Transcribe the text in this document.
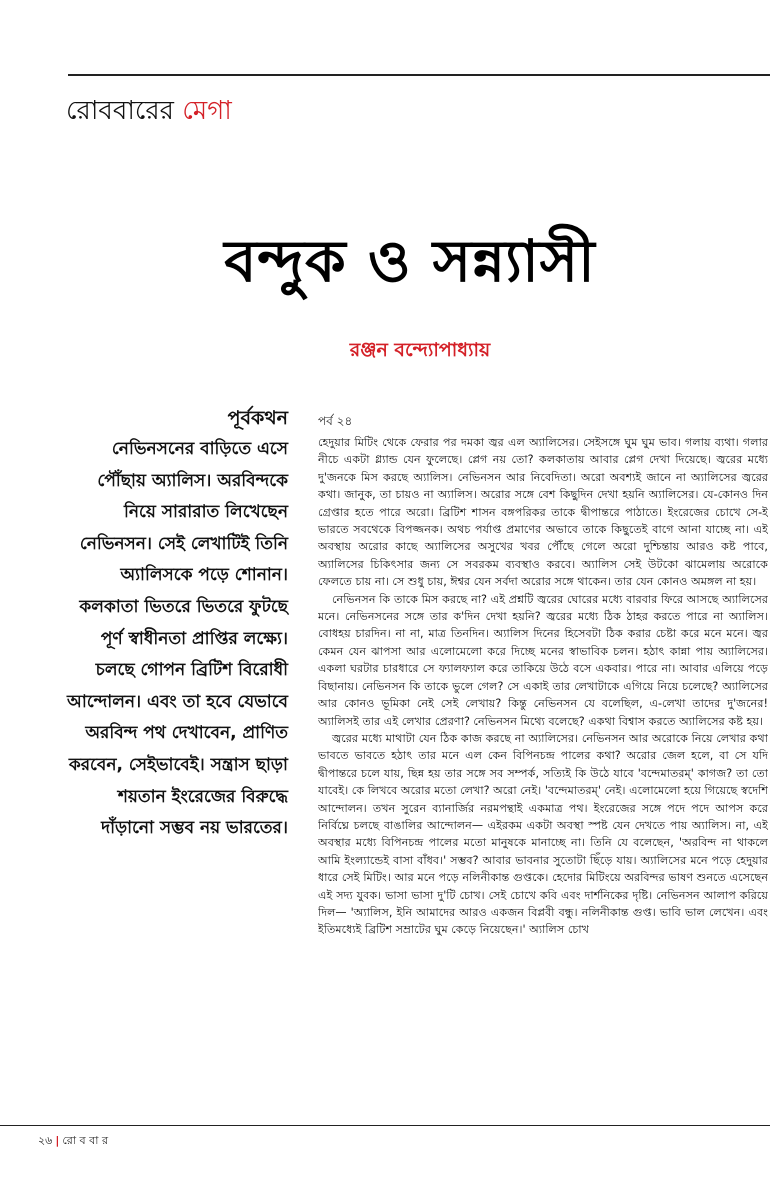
রোববারের মেগা
বন্দুক ও সন্ন্যাসী
রঞ্জন বন্দ্যোপাধ্যায়
পূর্বকথন
নেভিনসনের বাড়িতে এসে পৌঁছায় অ্যালিস। অরবিন্দকে নিয়ে সারারাত লিখেছেন নেভিনসন। সেই লেখাটিই তিনি অ্যালিসকে পড়ে শোনান। কলকাতা ভিতরে ভিতরে ফুটছে পূর্ণ স্বাধীনতা প্রাপ্তির লক্ষ্যে। চলছে গোপন ব্রিটিশ বিরোধী আন্দোলন। এবং তা হবে যেভাবে অরবিন্দ পথ দেখাবেন, প্রাণিত করবেন, সেইভাবেই। সন্ত্রাস ছাড়া শয়তান ইংরেজের বিরুদ্ধে দাঁড়ানো সম্ভব নয় ভারতের।
পর্ব ২৪

হেদুয়ার মিটিং থেকে ফেরার পর দমকা জ্বর এল অ্যালিসের। সেইসঙ্গে ঘুম ঘুম ভাব। গলায় ব্যথা। গলার নীচে একটা গ্ল্যান্ড যেন ফুলেছে। প্লেগ নয় তো? কলকাতায় আবার প্লেগ দেখা দিয়েছে। জ্বরের মধ্যে দু'জনকে মিস করছে অ্যালিস। নেভিনসন আর নিবেদিতা। অরো অবশ্যই জানে না অ্যালিসের জ্বরের কথা। জানুক, তা চায়ও না অ্যালিস। অরোর সঙ্গে বেশ কিছুদিন দেখা হয়নি অ্যালিসের। যে-কোনও দিন গ্রেপ্তার হতে পারে অরো। ব্রিটিশ শাসন বঙ্গপরিকর তাকে দ্বীপান্তরে পাঠাতে। ইংরেজের চোখে সে-ই ভারতে সবথেকে বিপজ্জনক। অথচ পর্যাপ্ত প্রমাণের অভাবে তাকে কিছুতেই বাগে আনা যাচ্ছে না। এই অবস্থায় অরোর কাছে অ্যালিসের অসুখের খবর পৌঁছে গেলে অরো দুশ্চিন্তায় আরও কষ্ট পাবে, অ্যালিসের চিকিৎসার জন্য সে সবরকম ব্যবস্থাও করবে। অ্যালিস সেই উটকো ঝামেলায় অরোকে ফেলতে চায় না। সে শুধু চায়, ঈশ্বর যেন সর্বদা অরোর সঙ্গে থাকেন। তার যেন কোনও অমঙ্গল না হয়।

নেভিনসন কি তাকে মিস করছে না? এই প্রশ্নটি জ্বরের ঘোরের মধ্যে বারবার ফিরে আসছে অ্যালিসের মনে। নেভিনসনের সঙ্গে তার ক'দিন দেখা হয়নি? জ্বরের মধ্যে ঠিক ঠাহর করতে পারে না অ্যালিস। বোধহয় চারদিন। না না, মাত্র তিনদিন। অ্যালিস দিনের হিসেবটা ঠিক করার চেষ্টা করে মনে মনে। জ্বর কেমন যেন ঝাপসা আর এলোমেলো করে দিচ্ছে মনের স্বাভাবিক চলন। হঠাৎ কান্না পায় অ্যালিসের। একলা ঘরটার চারধারে সে ফ্যালফ্যাল করে তাকিয়ে উঠে বসে একবার। পারে না। আবার এলিয়ে পড়ে বিছানায়। নেভিনসন কি তাকে ভুলে গেল? সে একাই তার লেখাটাকে এগিয়ে নিয়ে চলেছে? অ্যালিসের আর কোনও ভূমিকা নেই সেই লেখায়? কিন্তু নেভিনসন যে বলেছিল, এ-লেখা তাদের দু'জনের! অ্যালিসই তার এই লেখার প্রেরণা? নেভিনসন মিথ্যে বলেছে? একথা বিশ্বাস করতে অ্যালিসের কষ্ট হয়।

জ্বরের মধ্যে মাথাটা যেন ঠিক কাজ করছে না অ্যালিসের। নেভিনসন আর অরোকে নিয়ে লেখার কথা ভাবতে ভাবতে হঠাৎ তার মনে এল কেন বিপিনচন্দ্র পালের কথা? অরোর জেল হলে, বা সে যদি দ্বীপান্তরে চলে যায়, ছিন্ন হয় তার সঙ্গে সব সম্পর্ক, সত্যিই কি উঠে যাবে 'বন্দেমাতরম্' কাগজ? তা তো যাবেই। কে লিখবে অরোর মতো লেখা? অরো নেই। 'বন্দেমাতরম্' নেই। এলোমেলো হয়ে গিয়েছে স্বদেশি আন্দোলন। তখন সুরেন ব্যানার্জির নরমপন্থাই একমাত্র পথ। ইংরেজের সঙ্গে পদে পদে আপস করে নির্বিঘ্নে চলছে বাঙালির আন্দোলন— এইরকম একটা অবস্থা স্পষ্ট যেন দেখতে পায় অ্যালিস। না, এই অবস্থার মধ্যে বিপিনচন্দ্র পালের মতো মানুষকে মানাচ্ছে না। তিনি যে বলেছেন, 'অরবিন্দ না থাকলে আমি ইংল্যান্ডেই বাসা বাঁধব।' সম্ভব? আবার ভাবনার সুতোটা ছিঁড়ে যায়। অ্যালিসের মনে পড়ে হেদুয়ার ধারে সেই মিটিং। আর মনে পড়ে নলিনীকান্ত গুপ্তকে। হেদোর মিটিংয়ে অরবিন্দর ভাষণ শুনতে এসেছেন এই সদ্য যুবক। ভাসা ভাসা দু'টি চোখ। সেই চোখে কবি এবং দার্শনিকের দৃষ্টি। নেভিনসন আলাপ করিয়ে দিল— 'অ্যালিস, ইনি আমাদের আরও একজন বিপ্লবী বন্ধু। নলিনীকান্ত গুপ্ত। ভাবি ভাল লেখেন। এবং ইতিমধ্যেই ব্রিটিশ সম্রাটের ঘুম কেড়ে নিয়েছেন।' অ্যালিস চোখ

২৬ | রো ব বা র
